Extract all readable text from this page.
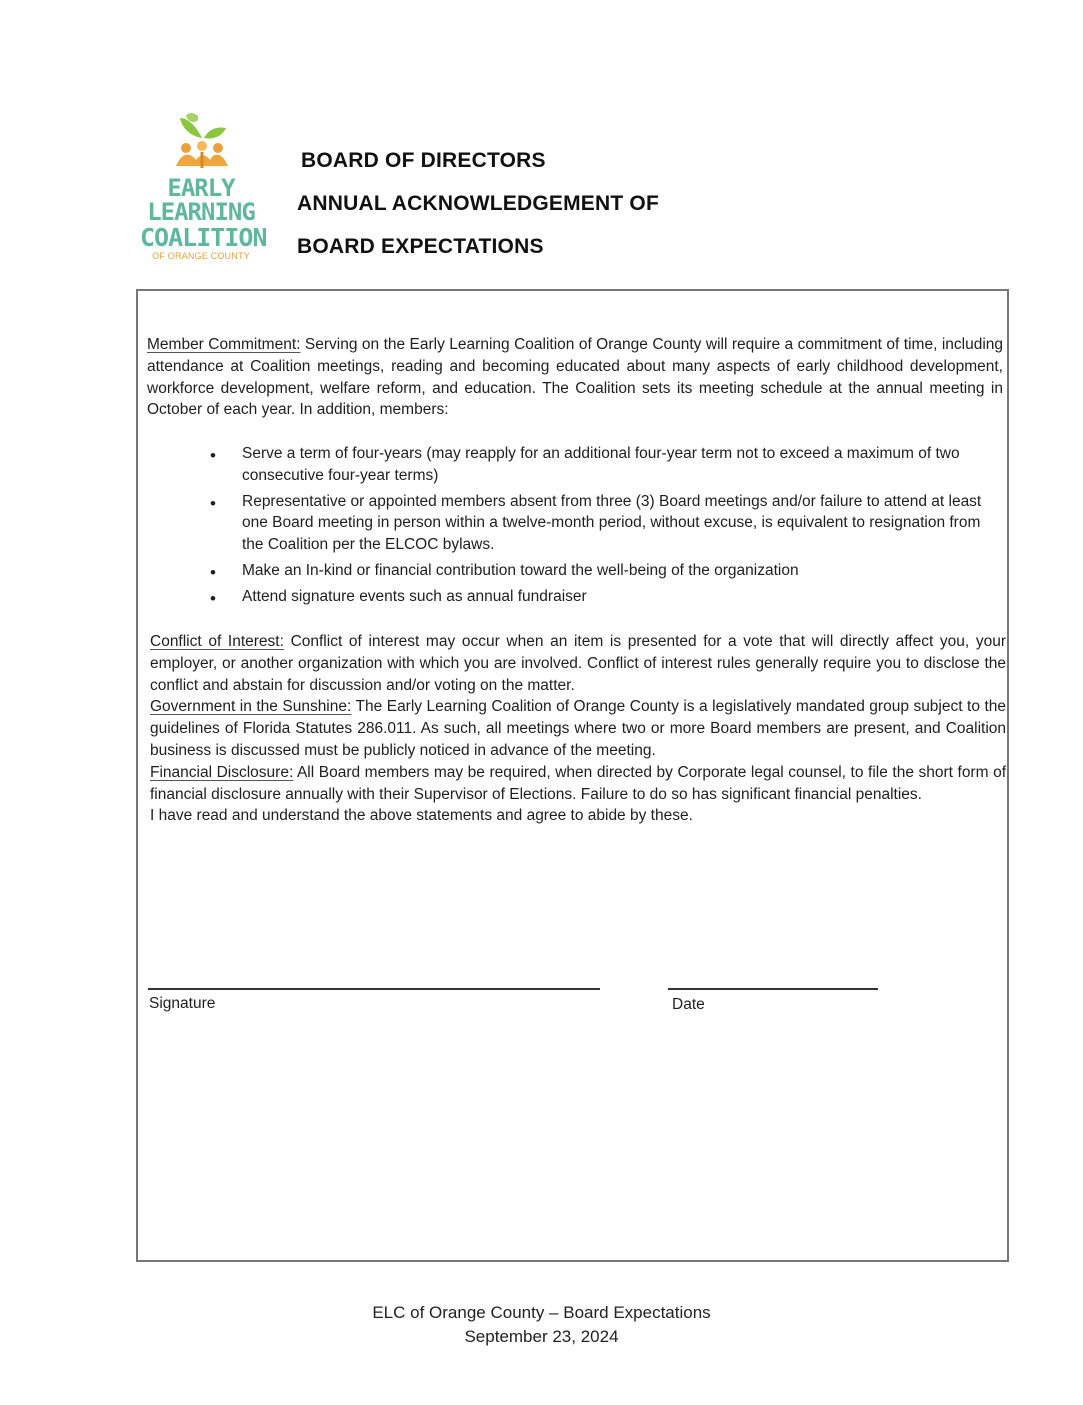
EARLY
LEARNING
COALITION
OF ORANGE COUNTY
BOARD OF DIRECTORS
ANNUAL ACKNOWLEDGEMENT OF
BOARD EXPECTATIONS
Member Commitment: Serving on the Early Learning Coalition of Orange County will require a commitment of time, including attendance at Coalition meetings, reading and becoming educated about many aspects of early childhood development, workforce development, welfare reform, and education. The Coalition sets its meeting schedule at the annual meeting in October of each year. In addition, members:
• Serve a term of four-years (may reapply for an additional four-year term not to exceed a maximum of two consecutive four-year terms)
• Representative or appointed members absent from three (3) Board meetings and/or failure to attend at least one Board meeting in person within a twelve-month period, without excuse, is equivalent to resignation from the Coalition per the ELCOC bylaws.
• Make an In-kind or financial contribution toward the well-being of the organization
• Attend signature events such as annual fundraiser

Conflict of Interest: Conflict of interest may occur when an item is presented for a vote that will directly affect you, your employer, or another organization with which you are involved. Conflict of interest rules generally require you to disclose the conflict and abstain for discussion and/or voting on the matter.

Government in the Sunshine: The Early Learning Coalition of Orange County is a legislatively mandated group subject to the guidelines of Florida Statutes 286.011. As such, all meetings where two or more Board members are present, and Coalition business is discussed must be publicly noticed in advance of the meeting.

Financial Disclosure: All Board members may be required, when directed by Corporate legal counsel, to file the short form of financial disclosure annually with their Supervisor of Elections. Failure to do so has significant financial penalties.

I have read and understand the above statements and agree to abide by these.

Signature	Date
ELC of Orange County – Board Expectations
September 23, 2024
